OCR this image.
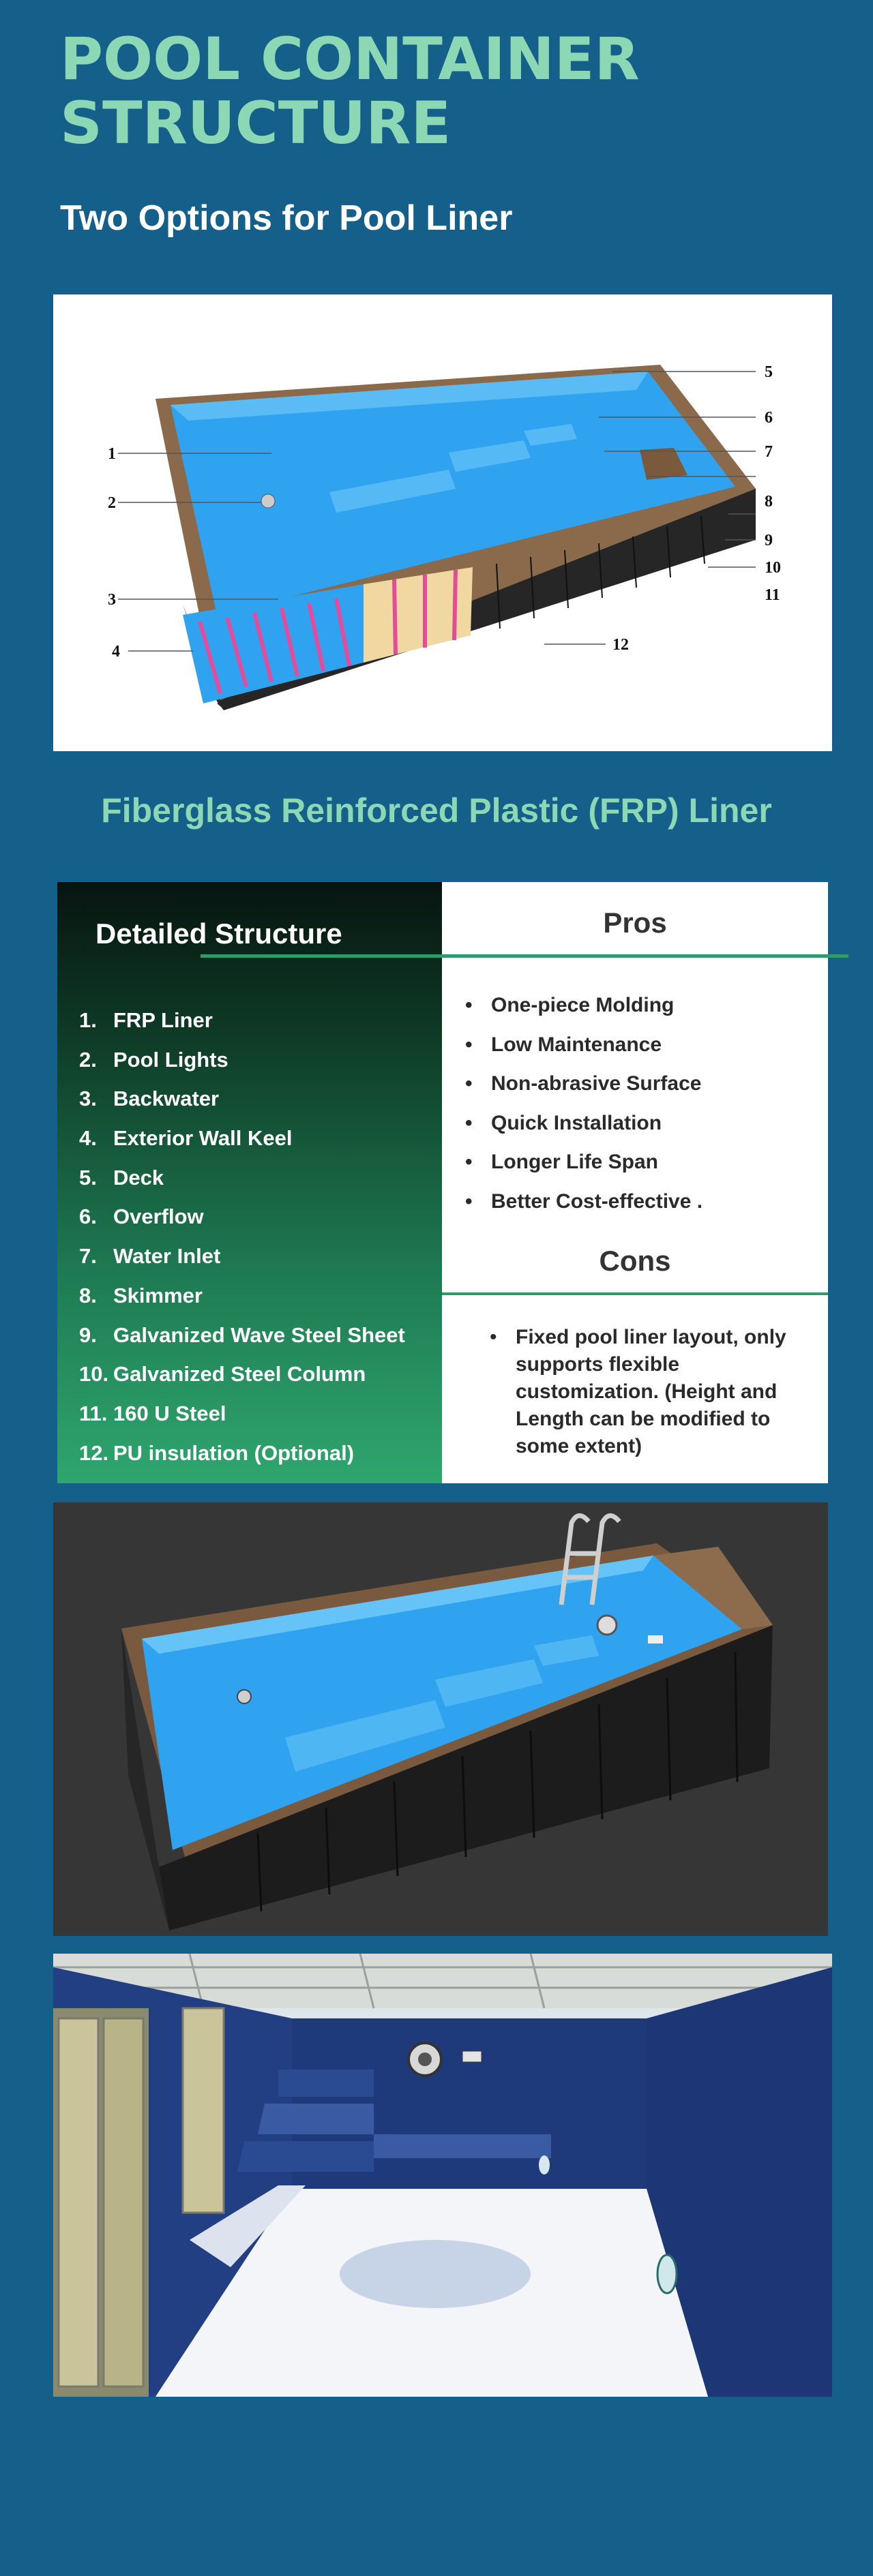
POOL CONTAINER
STRUCTURE
Two Options for Pool Liner
1
2
3
4
5
6
7
8
9
10
11
12
Fiberglass Reinforced Plastic (FRP) Liner
Detailed Structure
1. FRP Liner
2. Pool Lights
3. Backwater
4. Exterior Wall Keel
5. Deck
6. Overflow
7. Water Inlet
8. Skimmer
9. Galvanized Wave Steel Sheet
10. Galvanized Steel Column
11. 160 U Steel
12. PU insulation (Optional)
Pros
• One-piece Molding
• Low Maintenance
• Non-abrasive Surface
• Quick Installation
• Longer Life Span
• Better Cost-effective .
Cons
• Fixed pool liner layout, only supports flexible customization. (Height and Length can be modified to some extent)
